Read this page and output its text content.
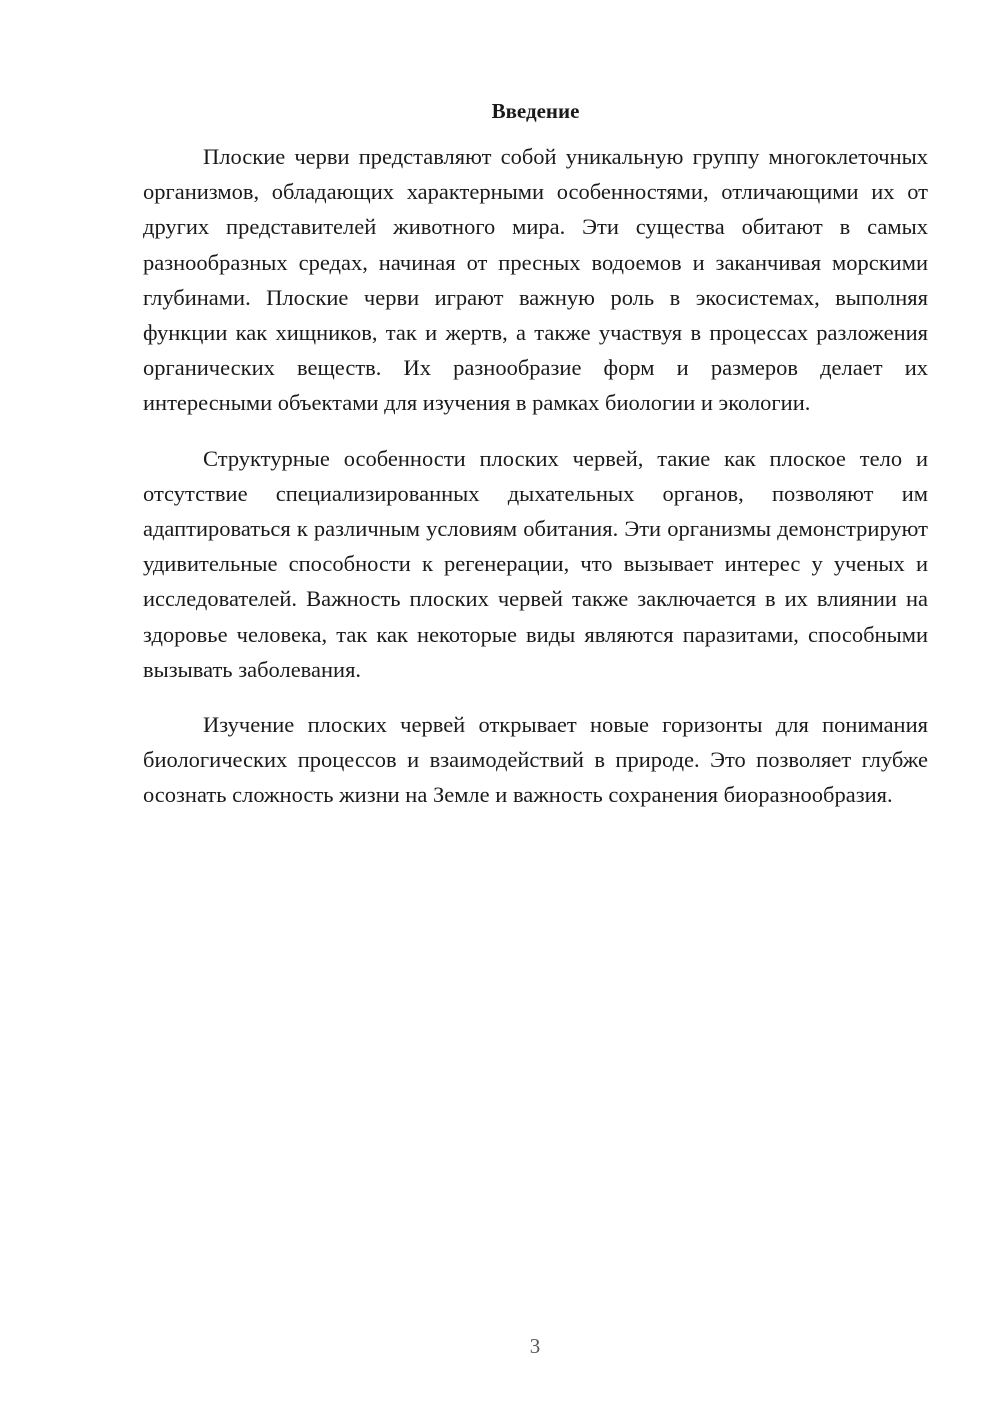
Введение

Плоские черви представляют собой уникальную группу многоклеточных организмов, обладающих характерными особенностями, отличающими их от других представителей животного мира. Эти существа обитают в самых разнообразных средах, начиная от пресных водоемов и заканчивая морскими глубинами. Плоские черви играют важную роль в экосистемах, выполняя функции как хищников, так и жертв, а также участвуя в процессах разложения органических веществ. Их разнообразие форм и размеров делает их интересными объектами для изучения в рамках биологии и экологии.

Структурные особенности плоских червей, такие как плоское тело и отсутствие специализированных дыхательных органов, позволяют им адаптироваться к различным условиям обитания. Эти организмы демонстрируют удивительные способности к регенерации, что вызывает интерес у ученых и исследователей. Важность плоских червей также заключается в их влиянии на здоровье человека, так как некоторые виды являются паразитами, способными вызывать заболевания.

Изучение плоских червей открывает новые горизонты для понимания биологических процессов и взаимодействий в природе. Это позволяет глубже осознать сложность жизни на Земле и важность сохранения биоразнообразия.

3
